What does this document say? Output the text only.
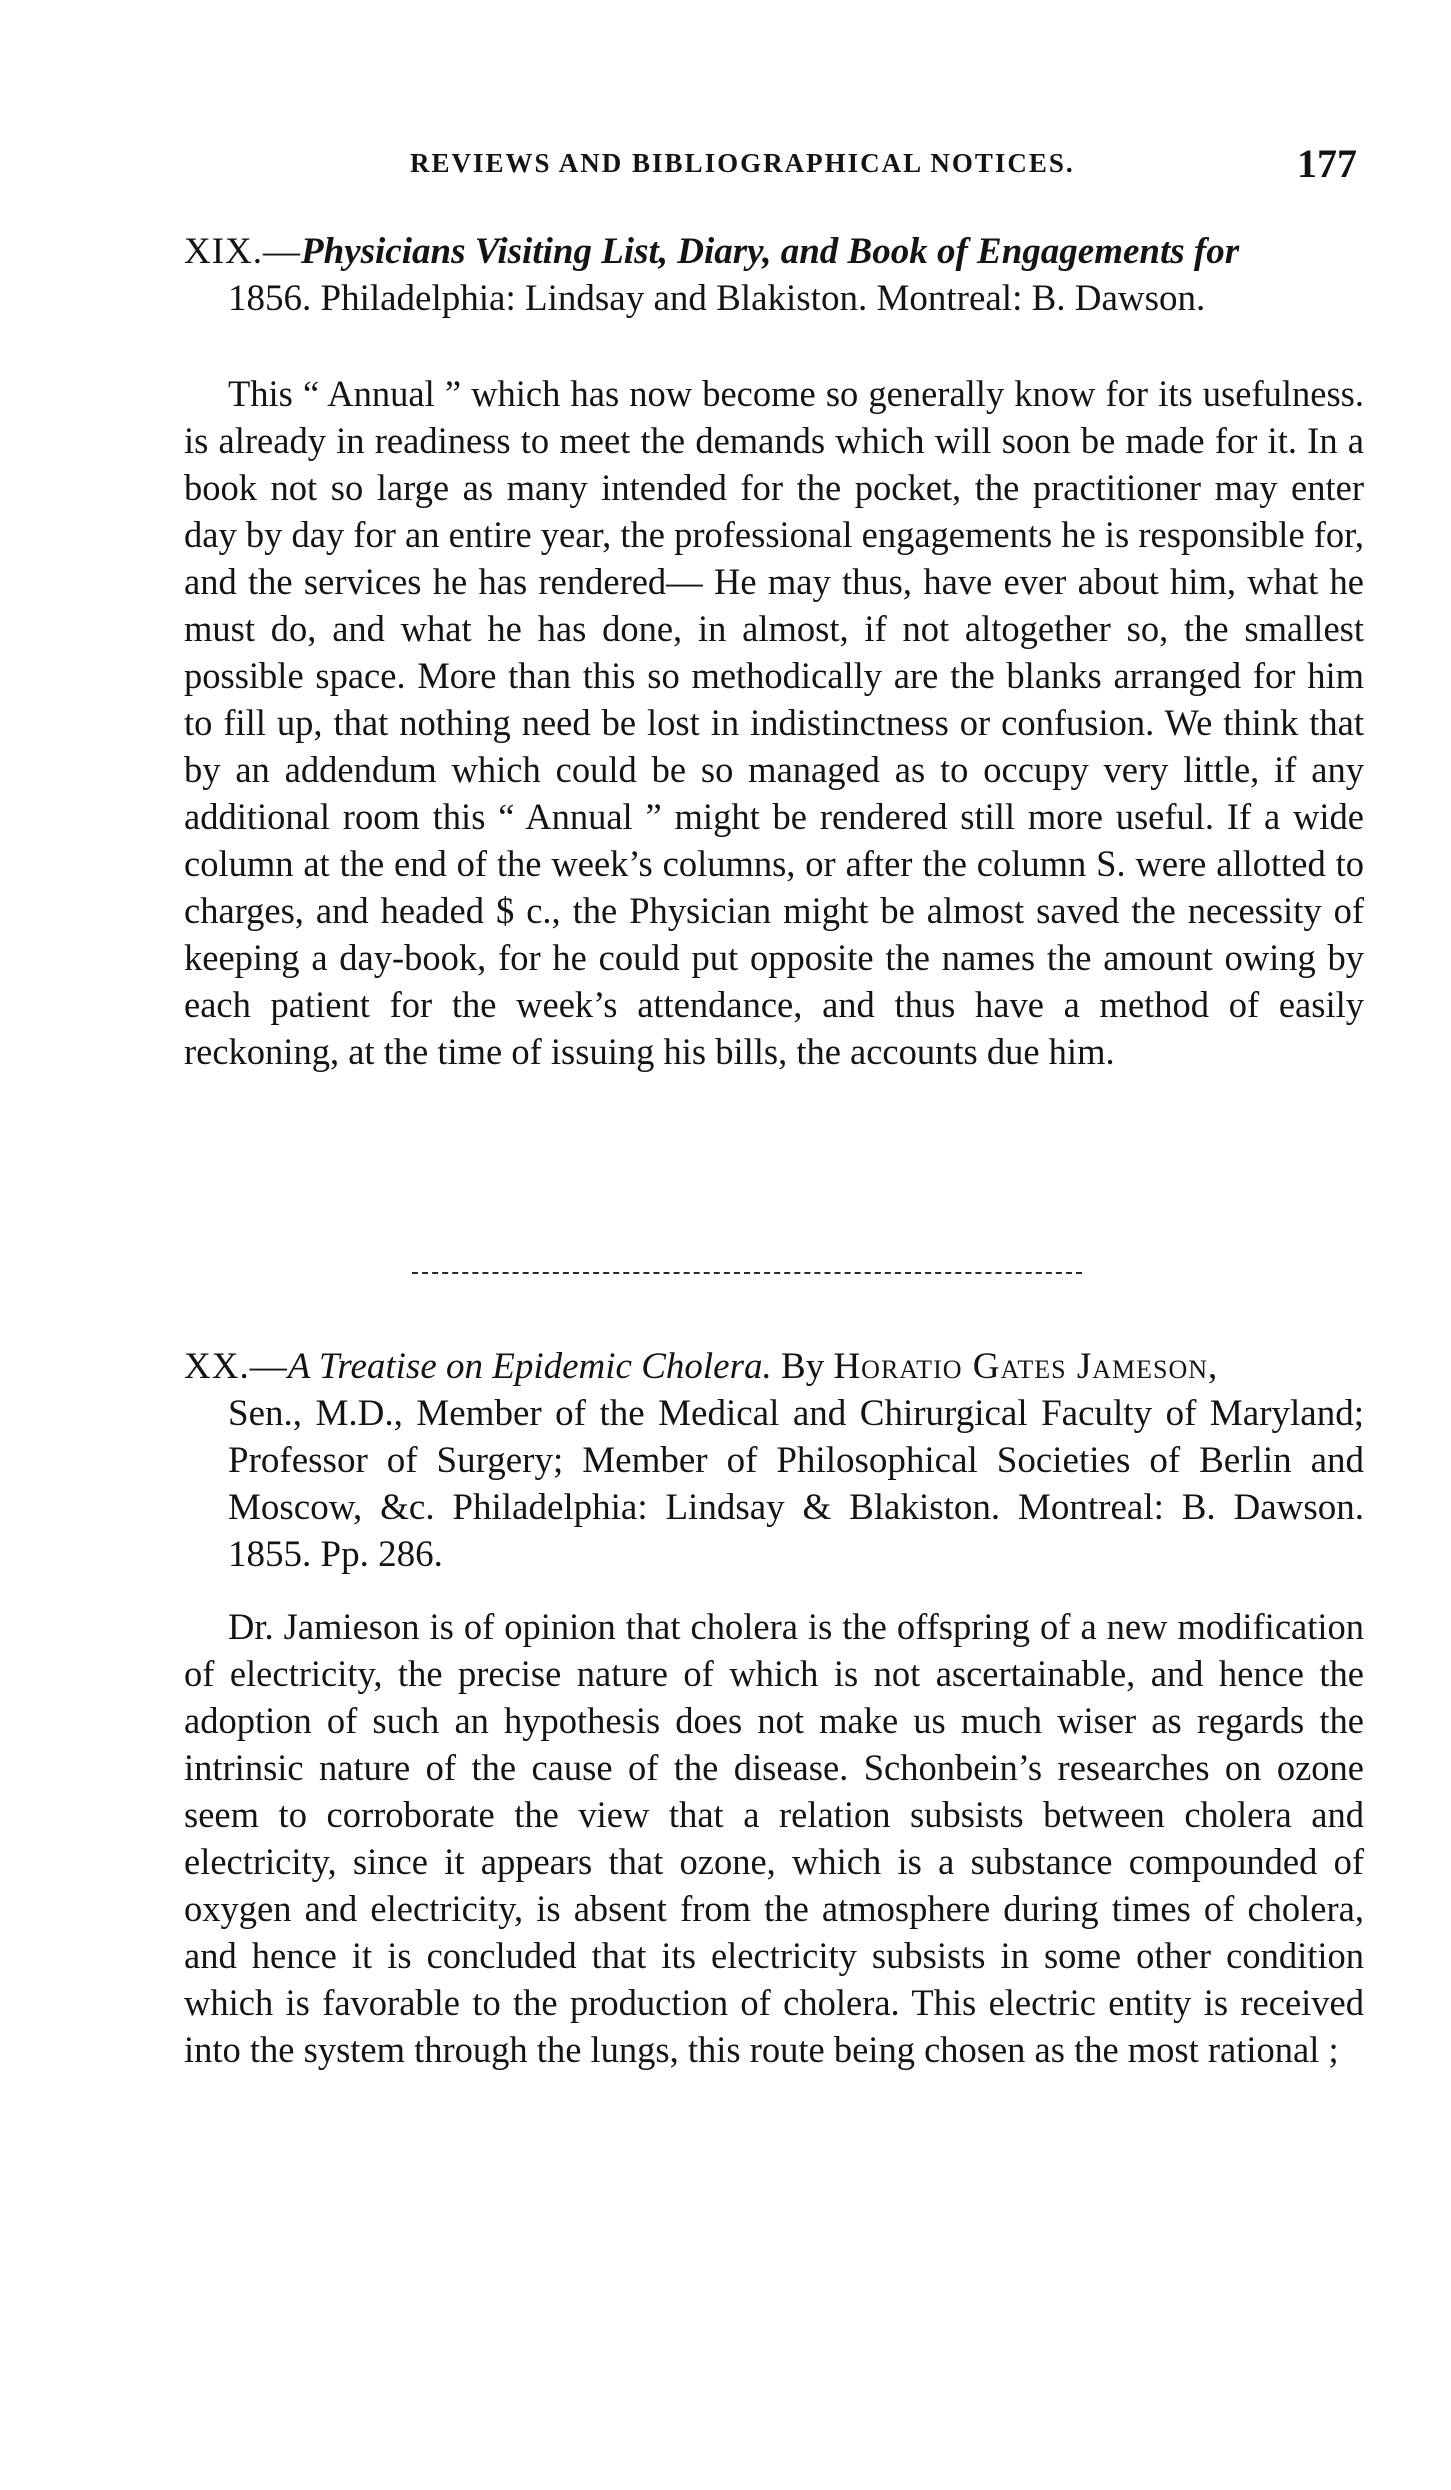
REVIEWS AND BIBLIOGRAPHICAL NOTICES.	177
XIX.—Physicians Visiting List, Diary, and Book of Engagements for
1856. Philadelphia: Lindsay and Blakiston. Montreal: B. Dawson.

This “ Annual ” which has now become so generally know for its usefulness. is already in readiness to meet the demands which will soon be made for it. In a book not so large as many intended for the pocket, the practitioner may enter day by day for an entire year, the professional engagements he is responsible for, and the services he has rendered— He may thus, have ever about him, what he must do, and what he has done, in almost, if not altogether so, the smallest possible space. More than this so methodically are the blanks arranged for him to fill up, that nothing need be lost in indistinctness or confusion. We think that by an addendum which could be so managed as to occupy very little, if any additional room this “ Annual ” might be rendered still more useful. If a wide column at the end of the week’s columns, or after the column S. were allotted to charges, and headed $ c., the Physician might be almost saved the necessity of keeping a day-book, for he could put opposite the names the amount owing by each patient for the week’s attendance, and thus have a method of easily reckoning, at the time of issuing his bills, the accounts due him.

XX.—A Treatise on Epidemic Cholera. By Horatio Gates Jameson,
Sen., M.D., Member of the Medical and Chirurgical Faculty of Maryland; Professor of Surgery; Member of Philosophical Societies of Berlin and Moscow, &c. Philadelphia: Lindsay & Blakiston. Montreal: B. Dawson. 1855. Pp. 286.

Dr. Jamieson is of opinion that cholera is the offspring of a new modification of electricity, the precise nature of which is not ascertainable, and hence the adoption of such an hypothesis does not make us much wiser as regards the intrinsic nature of the cause of the disease. Schonbein’s researches on ozone seem to corroborate the view that a relation subsists between cholera and electricity, since it appears that ozone, which is a substance compounded of oxygen and electricity, is absent from the atmosphere during times of cholera, and hence it is concluded that its electricity subsists in some other condition which is favorable to the production of cholera. This electric entity is received into the system through the lungs, this route being chosen as the most rational ;
